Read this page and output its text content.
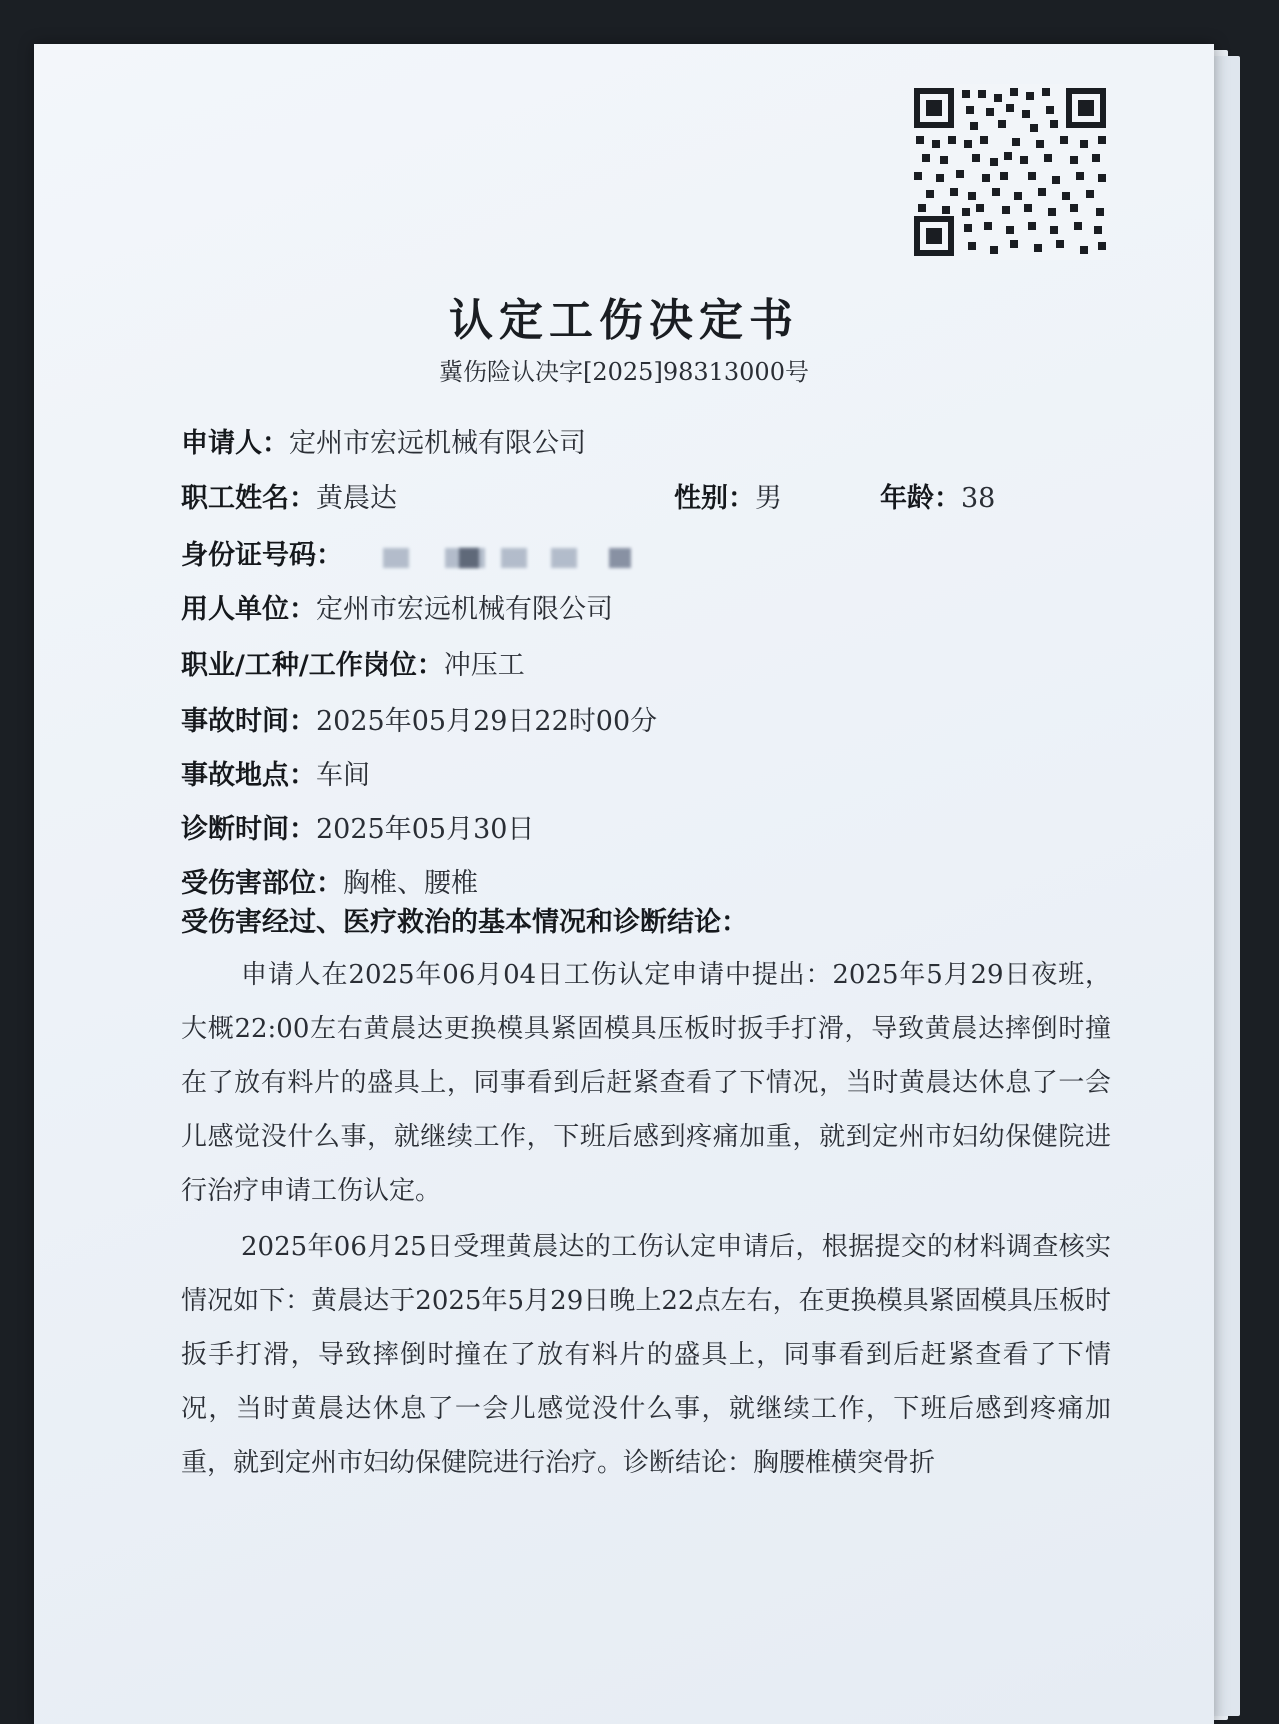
认定工伤决定书
冀伤险认决字[2025]98313000号
申请人：定州市宏远机械有限公司
职工姓名：黄晨达	性别：男	年龄：38
身份证号码：
用人单位：定州市宏远机械有限公司
职业/工种/工作岗位：冲压工
事故时间：2025年05月29日22时00分
事故地点：车间
诊断时间：2025年05月30日
受伤害部位：胸椎、腰椎
受伤害经过、医疗救治的基本情况和诊断结论：
申请人在2025年06月04日工伤认定申请中提出：2025年5月29日夜班，大概22:00左右黄晨达更换模具紧固模具压板时扳手打滑，导致黄晨达摔倒时撞在了放有料片的盛具上，同事看到后赶紧查看了下情况，当时黄晨达休息了一会儿感觉没什么事，就继续工作，下班后感到疼痛加重，就到定州市妇幼保健院进行治疗申请工伤认定。
2025年06月25日受理黄晨达的工伤认定申请后，根据提交的材料调查核实情况如下：黄晨达于2025年5月29日晚上22点左右，在更换模具紧固模具压板时扳手打滑，导致摔倒时撞在了放有料片的盛具上，同事看到后赶紧查看了下情况，当时黄晨达休息了一会儿感觉没什么事，就继续工作，下班后感到疼痛加重，就到定州市妇幼保健院进行治疗。诊断结论：胸腰椎横突骨折
